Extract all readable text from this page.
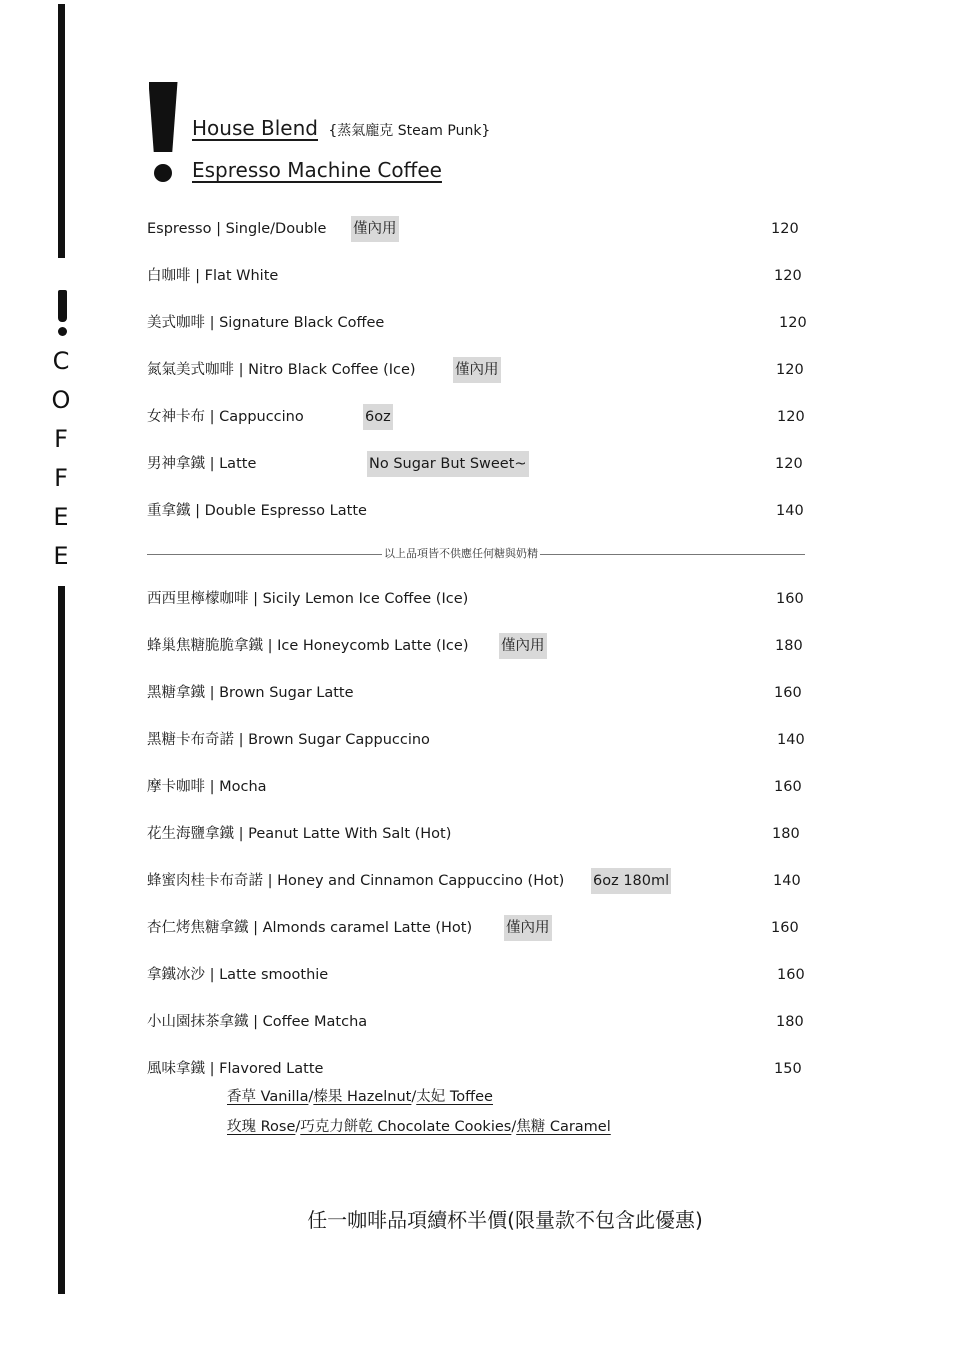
C
O
F
F
E
E
House Blend {蒸氣龐克 Steam Punk}
Espresso Machine Coffee
Espresso | Single/Double 僅內用	120
白咖啡 | Flat White	120
美式咖啡 | Signature Black Coffee	120
氮氣美式咖啡 | Nitro Black Coffee (Ice)	僅內用	120
女神卡布 | Cappuccino	6oz	120
男神拿鐵 | Latte	No Sugar But Sweet~	120
重拿鐵 | Double Espresso Latte	140
以上品項皆不供應任何糖與奶精
西西里檸檬咖啡 | Sicily Lemon Ice Coffee (Ice)	160
蜂巢焦糖脆脆拿鐵 | Ice Honeycomb Latte (Ice) 僅內用	180
黑糖拿鐵 | Brown Sugar Latte	160
黑糖卡布奇諾 | Brown Sugar Cappuccino	140
摩卡咖啡 | Mocha	160
花生海鹽拿鐵 | Peanut Latte With Salt (Hot)	180
蜂蜜肉桂卡布奇諾 | Honey and Cinnamon Cappuccino (Hot) 6oz 180ml	140
杏仁烤焦糖拿鐵 | Almonds caramel Latte (Hot) 僅內用	160
拿鐵冰沙 | Latte smoothie	160
小山園抹茶拿鐵 | Coffee Matcha	180
風味拿鐵 | Flavored Latte	150
香草 Vanilla/榛果 Hazelnut/太妃 Toffee
玫瑰 Rose/巧克力餅乾 Chocolate Cookies/焦糖 Caramel
任一咖啡品項續杯半價(限量款不包含此優惠)
